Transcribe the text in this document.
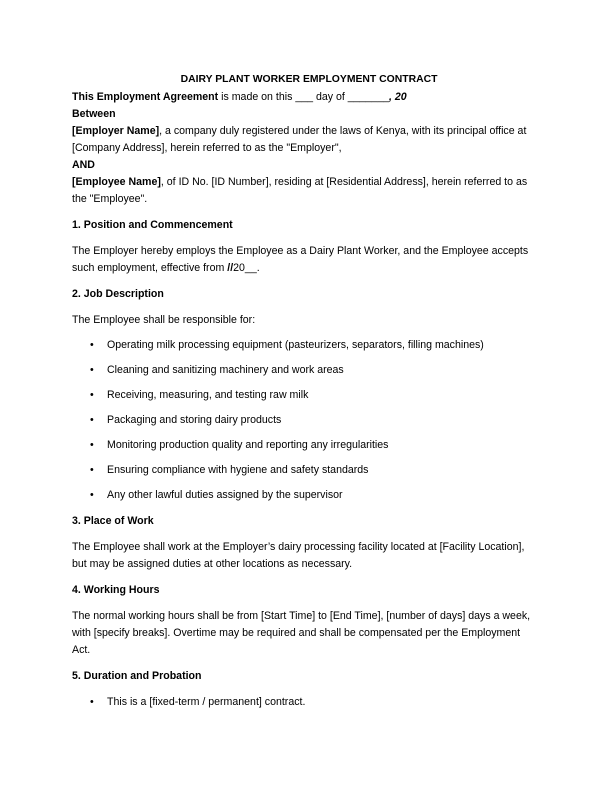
DAIRY PLANT WORKER EMPLOYMENT CONTRACT

This Employment Agreement is made on this ___ day of _______, 20

Between

[Employer Name], a company duly registered under the laws of Kenya, with its principal office at [Company Address], herein referred to as the "Employer",

AND

[Employee Name], of ID No. [ID Number], residing at [Residential Address], herein referred to as the "Employee".

1. Position and Commencement

The Employer hereby employs the Employee as a Dairy Plant Worker, and the Employee accepts such employment, effective from //20__.

2. Job Description

The Employee shall be responsible for:

• Operating milk processing equipment (pasteurizers, separators, filling machines)
• Cleaning and sanitizing machinery and work areas
• Receiving, measuring, and testing raw milk
• Packaging and storing dairy products
• Monitoring production quality and reporting any irregularities
• Ensuring compliance with hygiene and safety standards
• Any other lawful duties assigned by the supervisor

3. Place of Work

The Employee shall work at the Employer’s dairy processing facility located at [Facility Location], but may be assigned duties at other locations as necessary.

4. Working Hours

The normal working hours shall be from [Start Time] to [End Time], [number of days] days a week, with [specify breaks]. Overtime may be required and shall be compensated per the Employment Act.

5. Duration and Probation

• This is a [fixed-term / permanent] contract.
